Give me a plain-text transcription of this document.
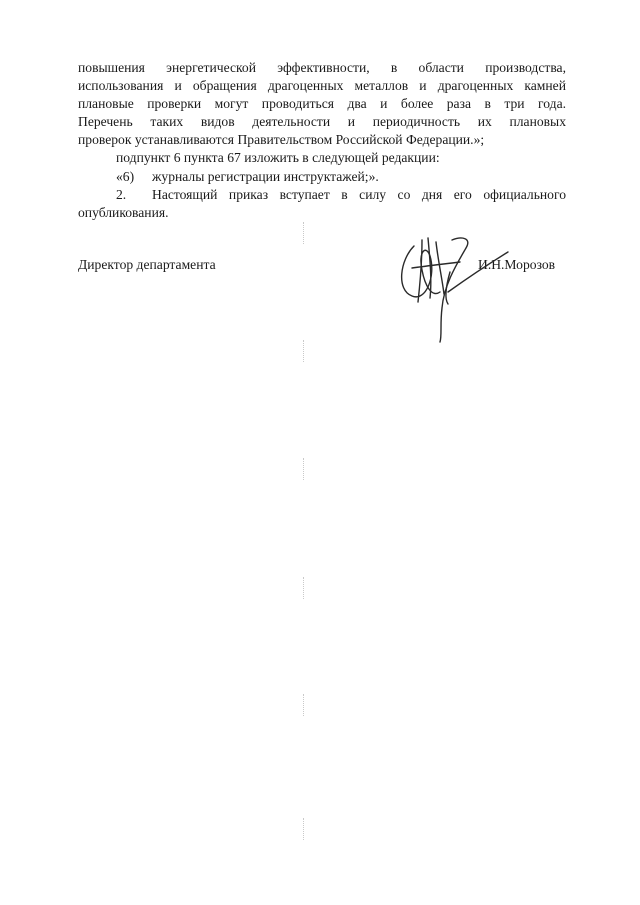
повышения энергетической эффективности, в области производства,
использования и обращения драгоценных металлов и драгоценных камней
плановые проверки могут проводиться два и более раза в три года.
Перечень таких видов деятельности и периодичность их плановых
проверок устанавливаются Правительством Российской Федерации.»;
подпункт 6 пункта 67 изложить в следующей редакции:
«6) журналы регистрации инструктажей;».
2. Настоящий приказ вступает в силу со дня его официального
опубликования.
Директор департамента	И.Н.Морозов
